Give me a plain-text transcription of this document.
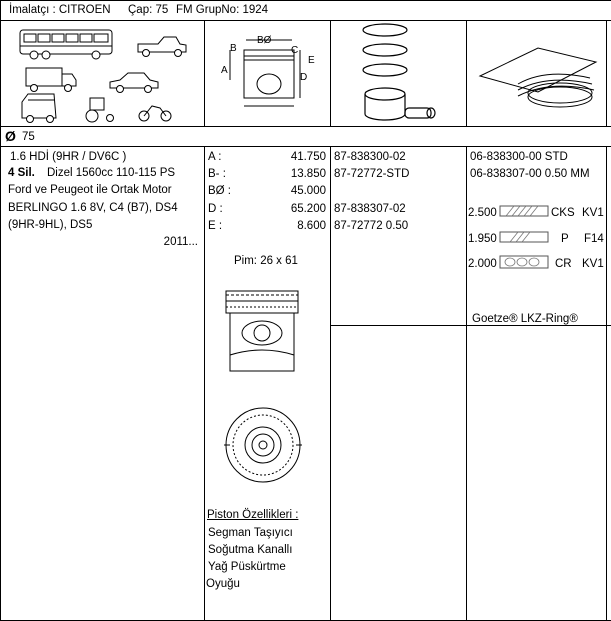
İmalatçı : CITROEN Çap: 75 FM GrupNo: 1924
BØ
B	C
E
A
D
Ø 75
1.6 HDİ (9HR / DV6C )
4 Sil. Dizel 1560cc 110-115 PS
Ford ve Peugeot ile Ortak Motor
BERLINGO 1.6 8V, C4 (B7), DS4
(9HR-9HL), DS5
2011...
A :	41.750
B- :	13.850
BØ :	45.000
D :	65.200
E :	8.600
Pim: 26 x 61
Piston Özellikleri :
Segman Taşıyıcı
Soğutma Kanallı
Yağ Püskürtme
Oyuğu
87-838300-02
87-72772-STD
87-838307-02
87-72772 0.50
06-838300-00 STD
06-838307-00 0.50 MM
2.500	CKS KV1
1.950	P F14
2.000	CR KV1
Goetze® LKZ-Ring®
